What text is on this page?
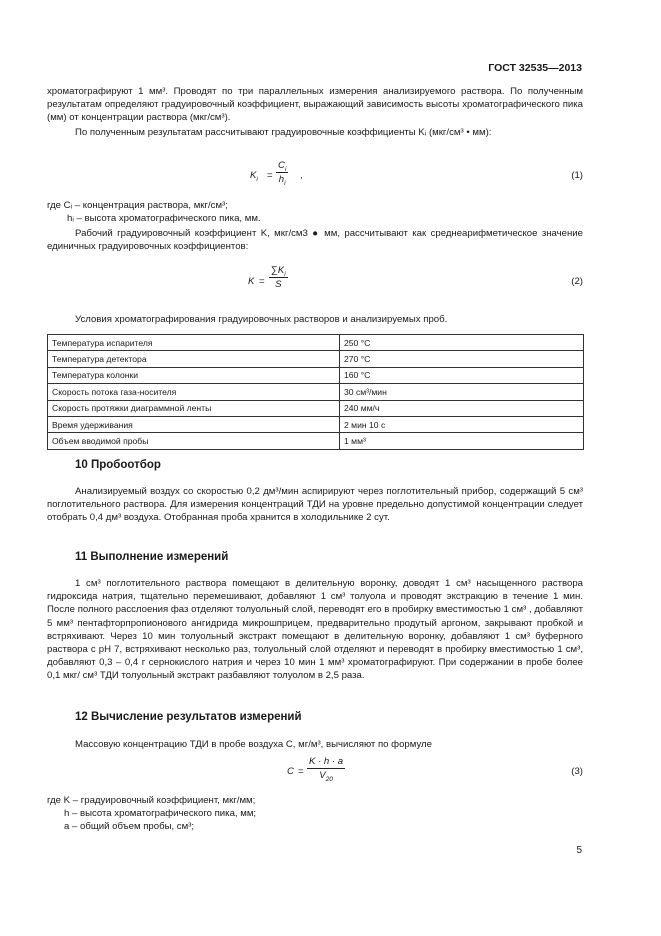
ГОСТ 32535—2013
хроматографируют 1 мм³. Проводят по три параллельных измерения анализируемого раствора. По полученным результатам определяют градуировочный коэффициент, выражающий зависимость высоты хроматографического пика (мм) от концентрации раствора (мкг/см³).
По полученным результатам рассчитывают градуировочные коэффициенты Kᵢ (мкг/см³ • мм):
$K_i = \frac{C_i}{h_i}$ ,	(1)
где Cᵢ – концентрация раствора, мкг/см³;
hᵢ – высота хроматографического пика, мм.
Рабочий градуировочный коэффициент K, мкг/см3 ● мм, рассчитывают как среднеарифметическое значение единичных градуировочных коэффициентов:
$K = \frac{\sum K_i}{S}$	(2)
Условия хроматографирования градуировочных растворов и анализируемых проб.
Температура испарителя	250 °C
Температура детектора	270 °C
Температура колонки	160 °C
Скорость потока газа-носителя	30 см³/мин
Скорость протяжки диаграммной ленты	240 мм/ч
Время удерживания	2 мин 10 с
Объем вводимой пробы	1 мм³
10 Пробоотбор
Анализируемый воздух со скоростью 0,2 дм³/мин аспирируют через поглотительный прибор, содержащий 5 см³ поглотительного раствора. Для измерения концентраций ТДИ на уровне предельно допустимой концентрации следует отобрать 0,4 дм³ воздуха. Отобранная проба хранится в холодильнике 2 сут.
11 Выполнение измерений
1 см³ поглотительного раствора помещают в делительную воронку, доводят 1 см³ насыщенного раствора гидроксида натрия, тщательно перемешивают, добавляют 1 см³ толуола и проводят экстракцию в течение 1 мин. После полного расслоения фаз отделяют толуольный слой, переводят его в пробирку вместимостью 1 см³ , добавляют 5 мм³ пентафторпропионового ангидрида микрошприцем, предварительно продутый аргоном, закрывают пробкой и встряхивают. Через 10 мин толуольный экстракт помещают в делительную воронку, добавляют 1 см³ буферного раствора с pH 7, встряхивают несколько раз, толуольный слой отделяют и переводят в пробирку вместимостью 1 см³, добавляют 0,3 – 0,4 г сернокислого натрия и через 10 мин 1 мм³ хроматографируют. При содержании в пробе более 0,1 мкг/ см³ ТДИ толуольный экстракт разбавляют толуолом в 2,5 раза.
12 Вычисление результатов измерений
Массовую концентрацию ТДИ в пробе воздуха C, мг/м³, вычисляют по формуле
$C = \frac{K \cdot h \cdot a}{V_{20}}$	(3)
где K – градуировочный коэффициент, мкг/мм;
h – высота хроматографического пика, мм;
a – общий объем пробы, см³;
5
